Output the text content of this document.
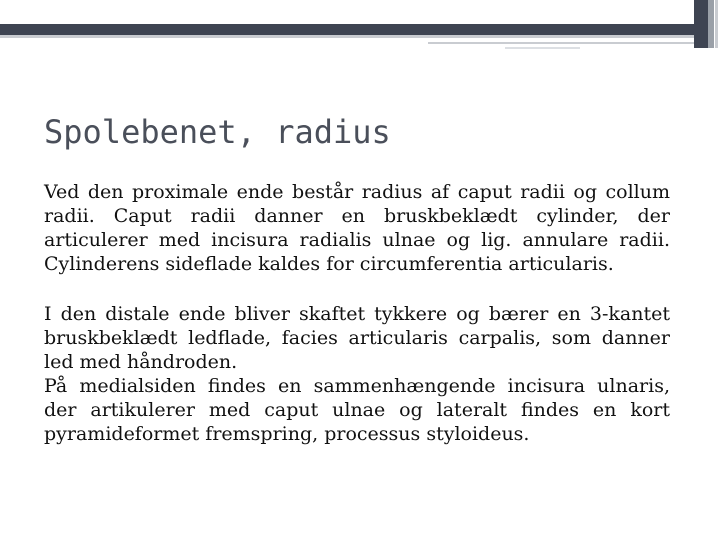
Spolebenet, radius

Ved den proximale ende består radius af caput radii og collum radii. Caput radii danner en bruskbeklædt cylinder, der articulerer med incisura radialis ulnae og lig. annulare radii. Cylinderens sideflade kaldes for circumferentia articularis.

I den distale ende bliver skaftet tykkere og bærer en 3-kantet bruskbeklædt ledflade, facies articularis carpalis, som danner led med håndroden.

På medialsiden findes en sammenhængende incisura ulnaris, der artikulerer med caput ulnae og lateralt findes en kort pyramideformet fremspring, processus styloideus.
